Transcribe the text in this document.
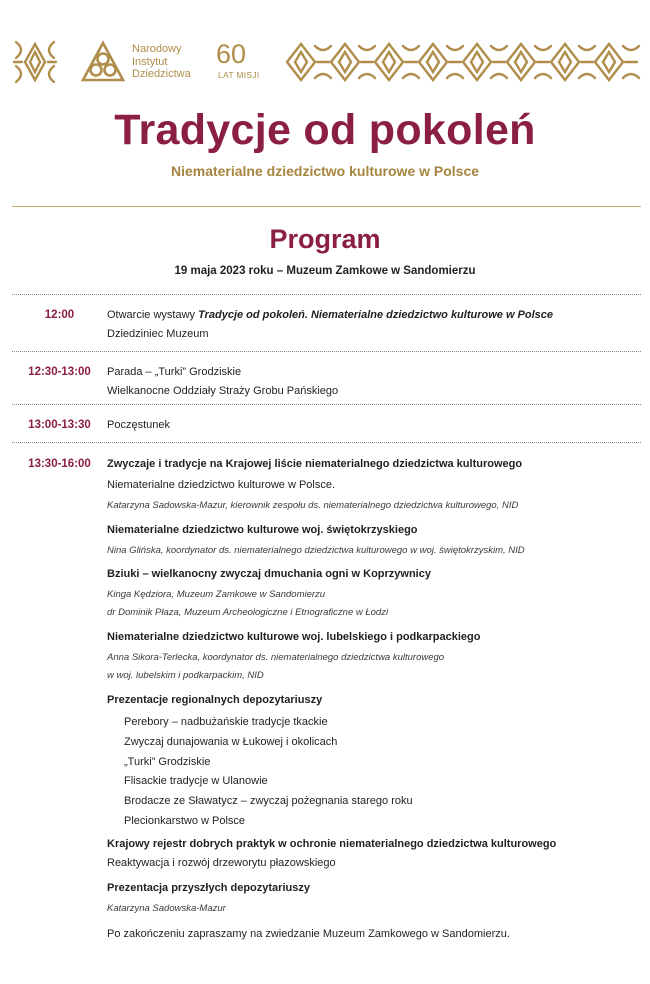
Narodowy
Instytut
Dziedzictwa
60
LAT MISJI
Tradycje od pokoleń
Niematerialne dziedzictwo kulturowe w Polsce
Program
19 maja 2023 roku – Muzeum Zamkowe w Sandomierzu
12:00	Otwarcie wystawy Tradycje od pokoleń. Niematerialne dziedzictwo kulturowe w Polsce
Dziedziniec Muzeum
12:30-13:00	Parada – „Turki” Grodziskie
Wielkanocne Oddziały Straży Grobu Pańskiego
13:00-13:30	Poczęstunek
13:30-16:00	Zwyczaje i tradycje na Krajowej liście niematerialnego dziedzictwa kulturowego
Niematerialne dziedzictwo kulturowe w Polsce.
Katarzyna Sadowska-Mazur, kierownik zespołu ds. niematerialnego dziedzictwa kulturowego, NID
Niematerialne dziedzictwo kulturowe woj. świętokrzyskiego
Nina Glińska, koordynator ds. niematerialnego dziedzictwa kulturowego w woj. świętokrzyskim, NID
Bziuki – wielkanocny zwyczaj dmuchania ogni w Koprzywnicy
Kinga Kędziora, Muzeum Zamkowe w Sandomierzu
dr Dominik Płaza, Muzeum Archeologiczne i Etnograficzne w Łodzi
Niematerialne dziedzictwo kulturowe woj. lubelskiego i podkarpackiego
Anna Sikora-Terlecka, koordynator ds. niematerialnego dziedzictwa kulturowego
w woj. lubelskim i podkarpackim, NID
Prezentacje regionalnych depozytariuszy
Perebory – nadbużańskie tradycje tkackie
Zwyczaj dunajowania w Łukowej i okolicach
„Turki” Grodziskie
Flisackie tradycje w Ulanowie
Brodacze ze Sławatycz – zwyczaj pożegnania starego roku
Plecionkarstwo w Polsce
Krajowy rejestr dobrych praktyk w ochronie niematerialnego dziedzictwa kulturowego
Reaktywacja i rozwój drzeworytu płazowskiego
Prezentacja przyszłych depozytariuszy
Katarzyna Sadowska-Mazur
Po zakończeniu zapraszamy na zwiedzanie Muzeum Zamkowego w Sandomierzu.
